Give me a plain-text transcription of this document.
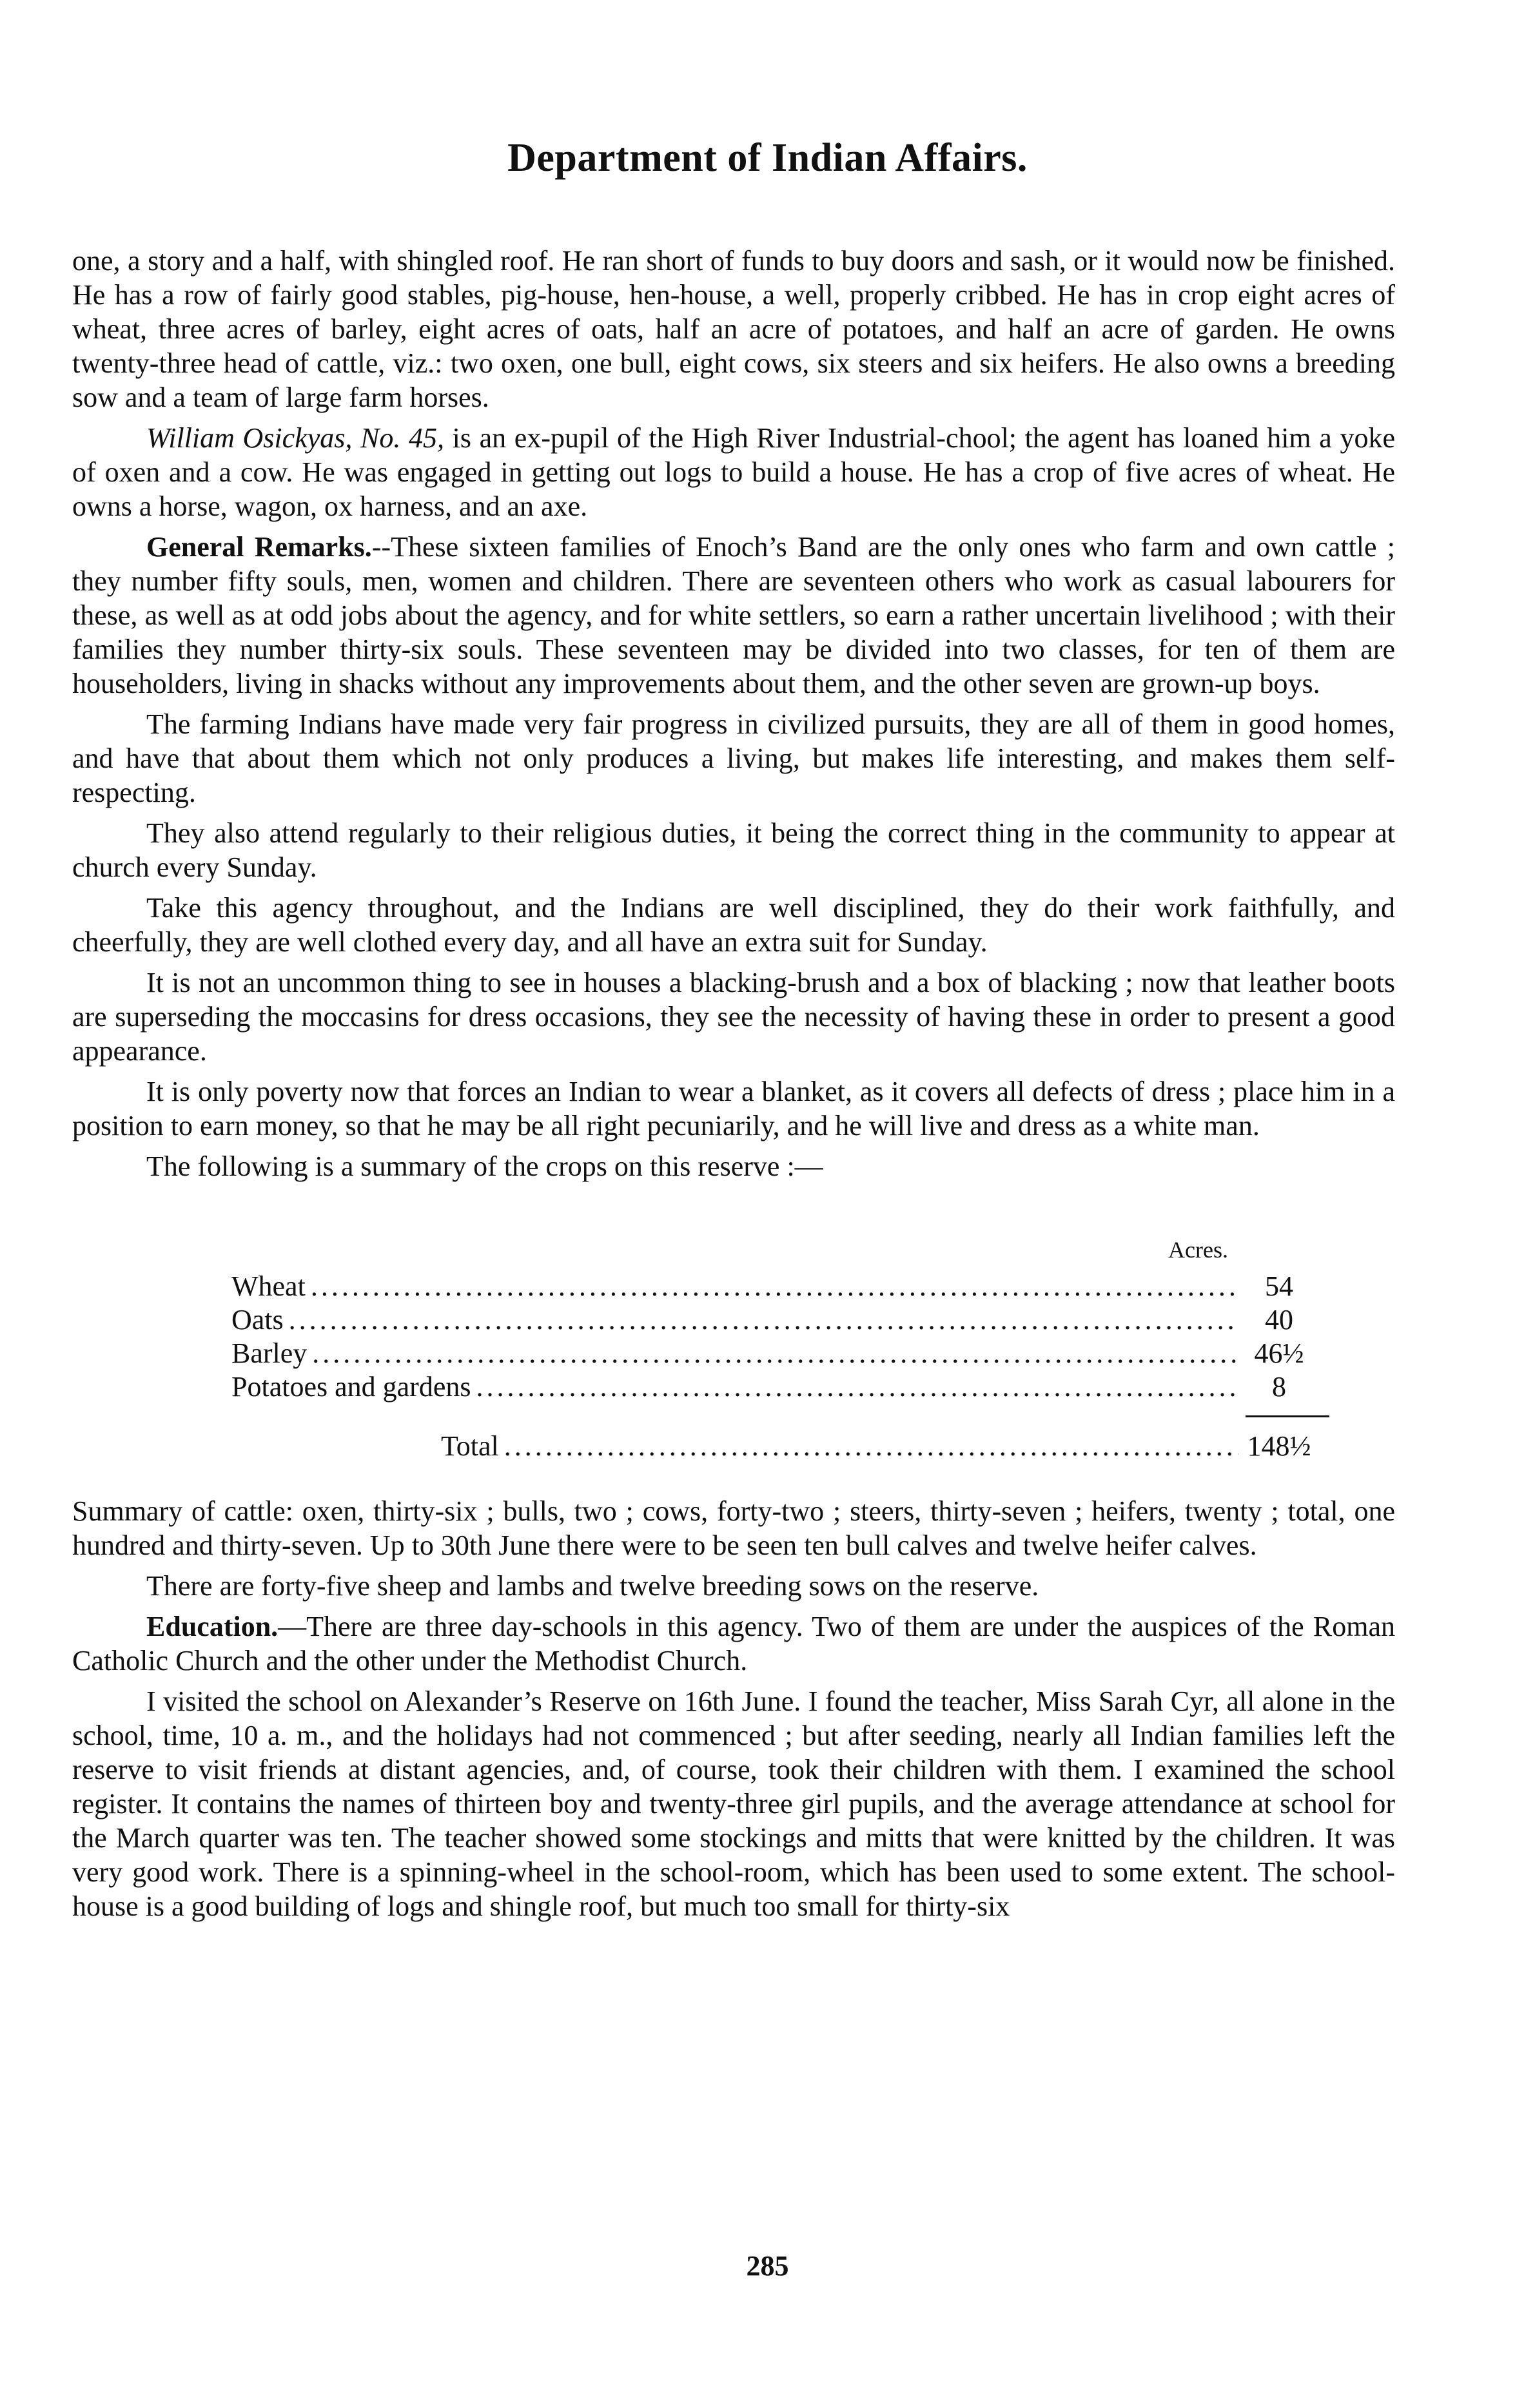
Department of Indian Affairs.

one, a story and a half, with shingled roof. He ran short of funds to buy doors and sash, or it would now be finished. He has a row of fairly good stables, pig-house, hen-house, a well, properly cribbed. He has in crop eight acres of wheat, three acres of barley, eight acres of oats, half an acre of potatoes, and half an acre of garden. He owns twenty-three head of cattle, viz.: two oxen, one bull, eight cows, six steers and six heifers. He also owns a breeding sow and a team of large farm horses.

William Osickyas, No. 45, is an ex-pupil of the High River Industrial-chool; the agent has loaned him a yoke of oxen and a cow. He was engaged in getting out logs to build a house. He has a crop of five acres of wheat. He owns a horse, wagon, ox harness, and an axe.

General Remarks.--These sixteen families of Enoch’s Band are the only ones who farm and own cattle ; they number fifty souls, men, women and children. There are seventeen others who work as casual labourers for these, as well as at odd jobs about the agency, and for white settlers, so earn a rather uncertain livelihood ; with their families they number thirty-six souls. These seventeen may be divided into two classes, for ten of them are householders, living in shacks without any improvements about them, and the other seven are grown-up boys.

The farming Indians have made very fair progress in civilized pursuits, they are all of them in good homes, and have that about them which not only produces a living, but makes life interesting, and makes them self-respecting.

They also attend regularly to their religious duties, it being the correct thing in the community to appear at church every Sunday.

Take this agency throughout, and the Indians are well disciplined, they do their work faithfully, and cheerfully, they are well clothed every day, and all have an extra suit for Sunday.

It is not an uncommon thing to see in houses a blacking-brush and a box of blacking ; now that leather boots are superseding the moccasins for dress occasions, they see the necessity of having these in order to present a good appearance.

It is only poverty now that forces an Indian to wear a blanket, as it covers all defects of dress ; place him in a position to earn money, so that he may be all right pecuniarily, and he will live and dress as a white man.

The following is a summary of the crops on this reserve :—

Acres.
Wheat .....	54
Oats .....	40
Barley .....	46½
Potatoes and gardens .....	8
Total .....	148½

Summary of cattle: oxen, thirty-six ; bulls, two ; cows, forty-two ; steers, thirty-seven ; heifers, twenty ; total, one hundred and thirty-seven. Up to 30th June there were to be seen ten bull calves and twelve heifer calves.

There are forty-five sheep and lambs and twelve breeding sows on the reserve.

Education.—There are three day-schools in this agency. Two of them are under the auspices of the Roman Catholic Church and the other under the Methodist Church.

I visited the school on Alexander’s Reserve on 16th June. I found the teacher, Miss Sarah Cyr, all alone in the school, time, 10 a. m., and the holidays had not commenced ; but after seeding, nearly all Indian families left the reserve to visit friends at distant agencies, and, of course, took their children with them. I examined the school register. It contains the names of thirteen boy and twenty-three girl pupils, and the average attendance at school for the March quarter was ten. The teacher showed some stockings and mitts that were knitted by the children. It was very good work. There is a spinning-wheel in the school-room, which has been used to some extent. The school-house is a good building of logs and shingle roof, but much too small for thirty-six

285
